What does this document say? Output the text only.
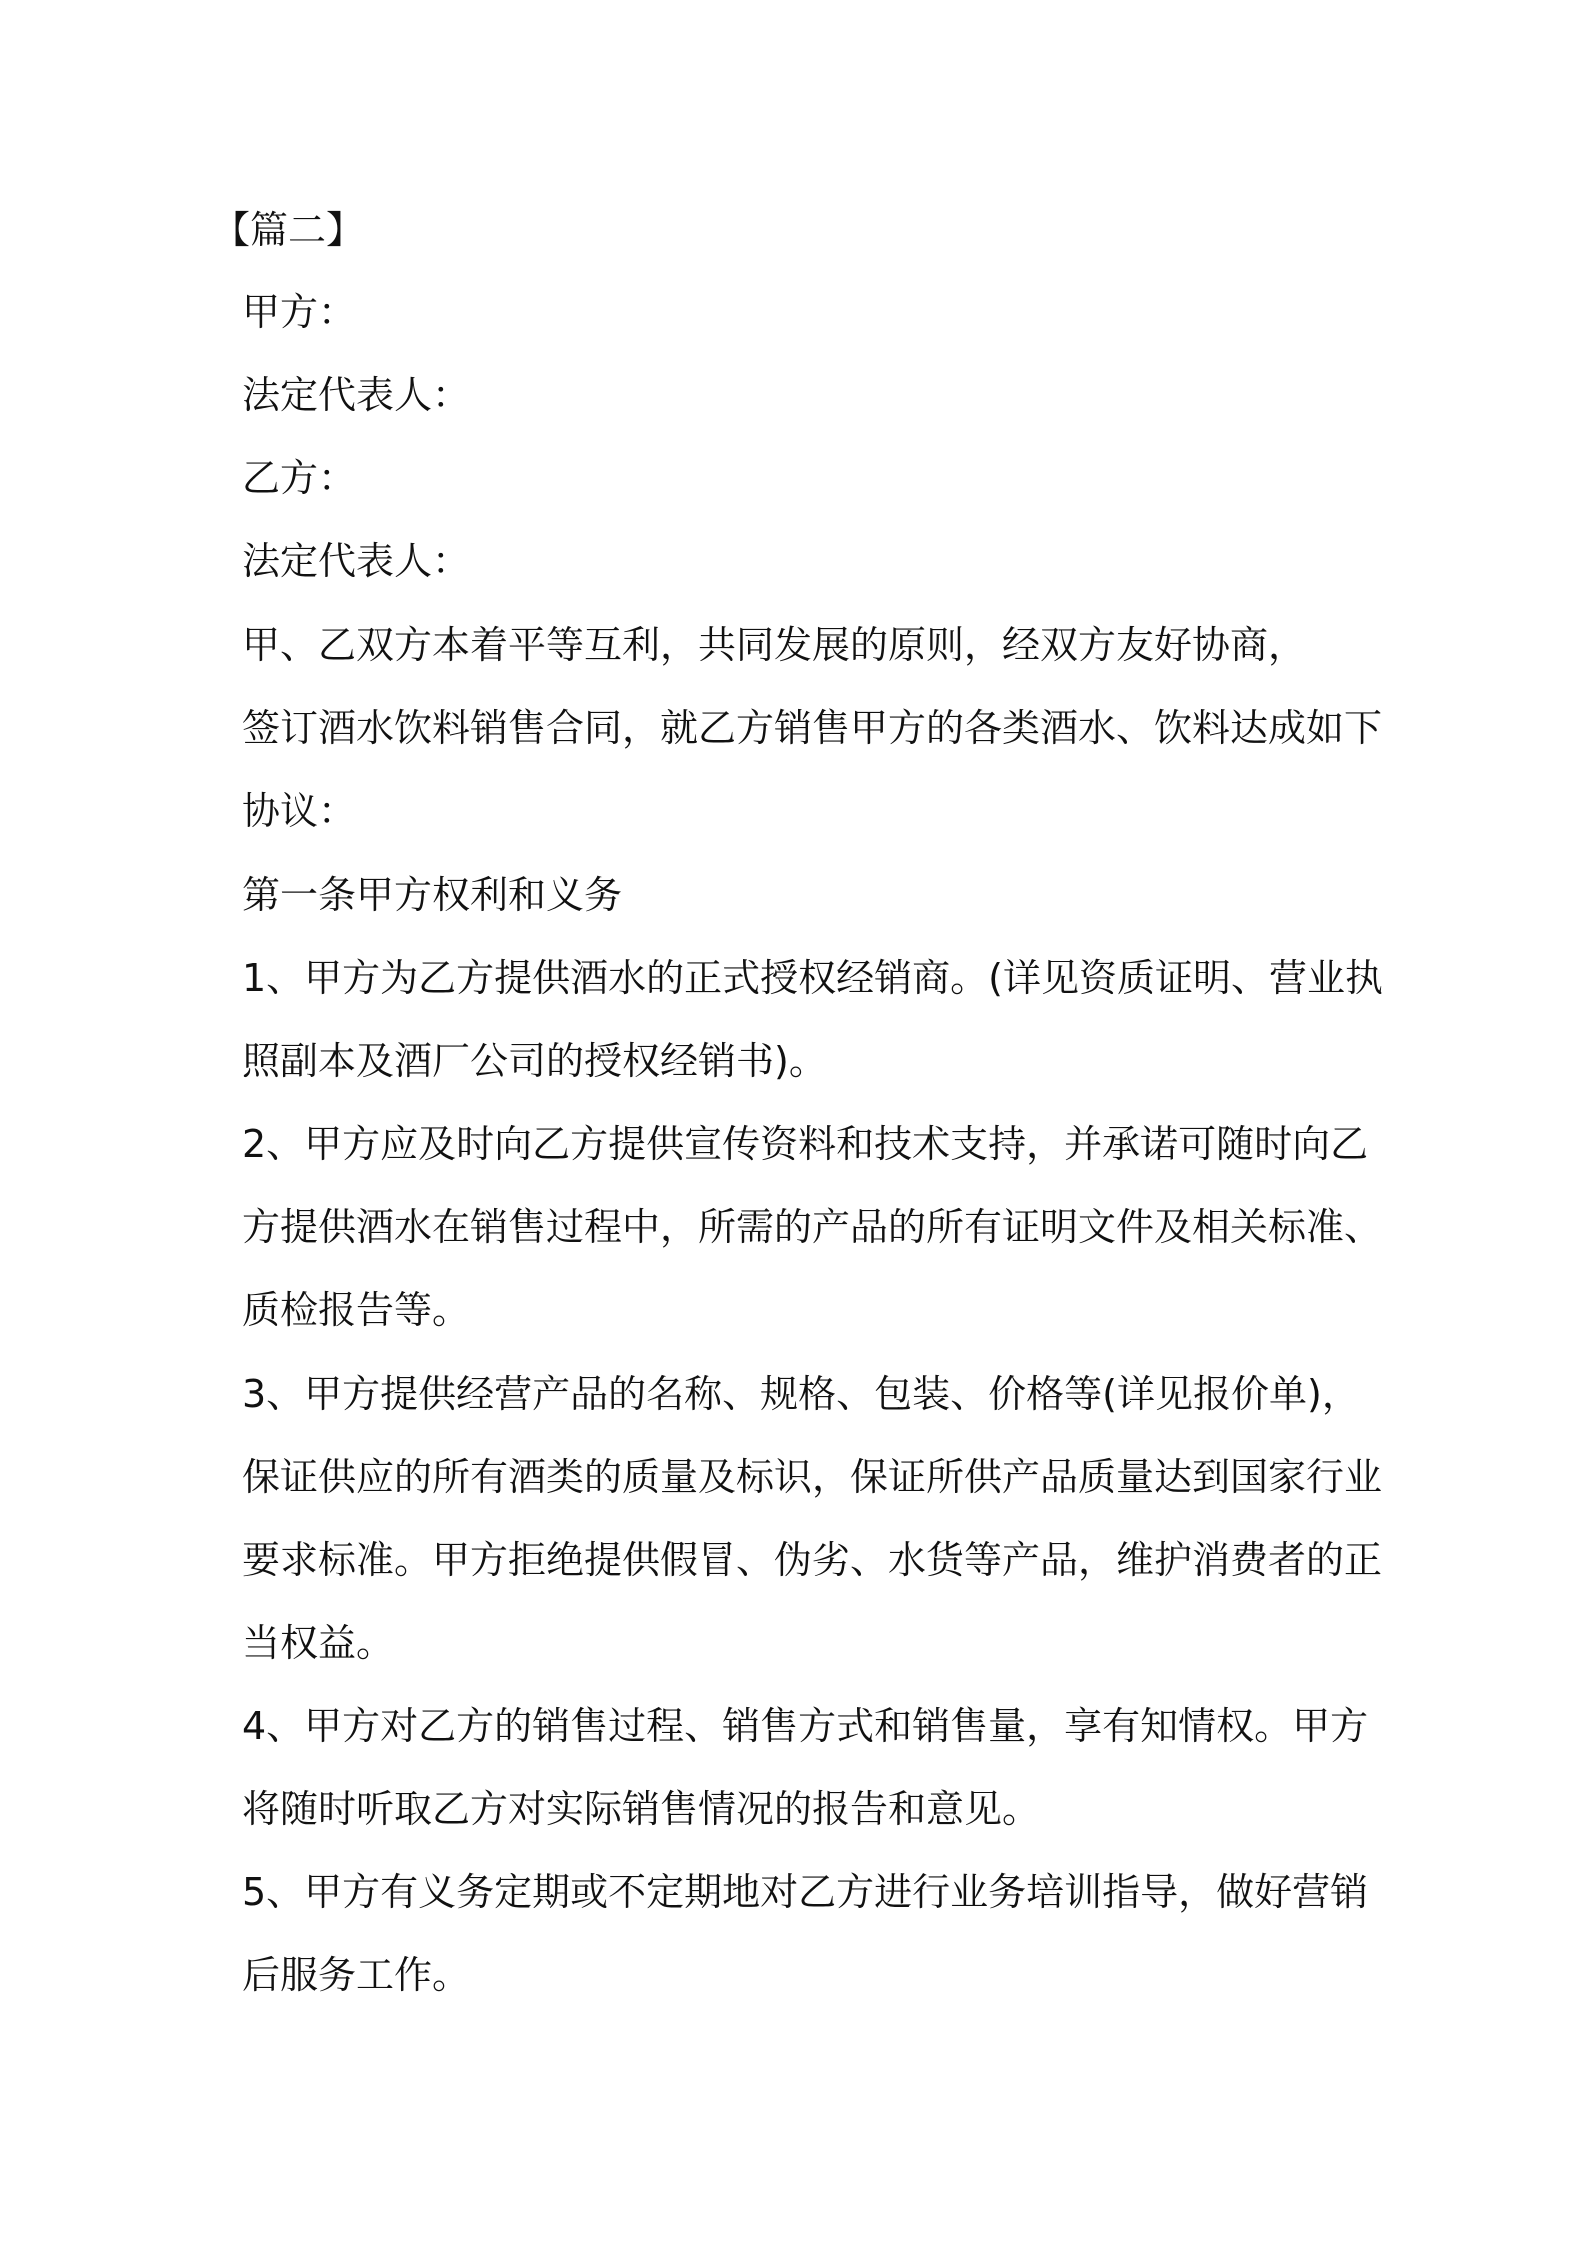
【篇二】
甲方：
法定代表人：
乙方：
法定代表人：
甲、乙双方本着平等互利，共同发展的原则，经双方友好协商，
签订酒水饮料销售合同，就乙方销售甲方的各类酒水、饮料达成如下
协议：
第一条甲方权利和义务
1、甲方为乙方提供酒水的正式授权经销商。(详见资质证明、营业执
照副本及酒厂公司的授权经销书)。
2、甲方应及时向乙方提供宣传资料和技术支持，并承诺可随时向乙
方提供酒水在销售过程中，所需的产品的所有证明文件及相关标准、
质检报告等。
3、甲方提供经营产品的名称、规格、包装、价格等(详见报价单)，
保证供应的所有酒类的质量及标识，保证所供产品质量达到国家行业
要求标准。甲方拒绝提供假冒、伪劣、水货等产品，维护消费者的正
当权益。
4、甲方对乙方的销售过程、销售方式和销售量，享有知情权。甲方
将随时听取乙方对实际销售情况的报告和意见。
5、甲方有义务定期或不定期地对乙方进行业务培训指导，做好营销
后服务工作。
